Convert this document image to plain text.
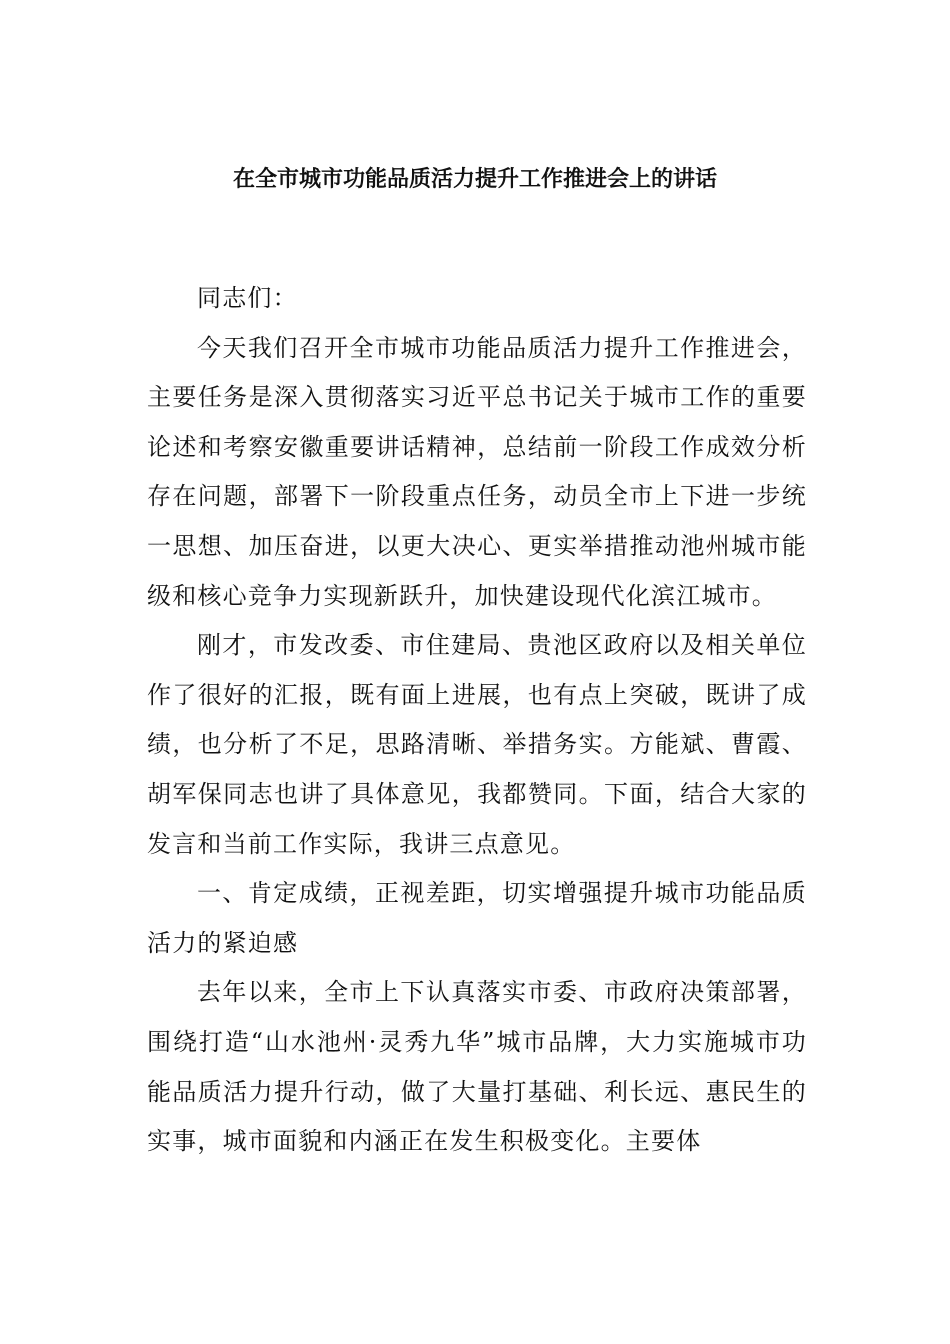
在全市城市功能品质活力提升工作推进会上的讲话

同志们：

今天我们召开全市城市功能品质活力提升工作推进会，主要任务是深入贯彻落实习近平总书记关于城市工作的重要论述和考察安徽重要讲话精神，总结前一阶段工作成效分析存在问题，部署下一阶段重点任务，动员全市上下进一步统一思想、加压奋进，以更大决心、更实举措推动池州城市能级和核心竞争力实现新跃升，加快建设现代化滨江城市。

刚才，市发改委、市住建局、贵池区政府以及相关单位作了很好的汇报，既有面上进展，也有点上突破，既讲了成绩，也分析了不足，思路清晰、举措务实。方能斌、曹霞、胡军保同志也讲了具体意见，我都赞同。下面，结合大家的发言和当前工作实际，我讲三点意见。

一、肯定成绩，正视差距，切实增强提升城市功能品质活力的紧迫感

去年以来，全市上下认真落实市委、市政府决策部署，围绕打造“山水池州·灵秀九华”城市品牌，大力实施城市功能品质活力提升行动，做了大量打基础、利长远、惠民生的实事，城市面貌和内涵正在发生积极变化。主要体
